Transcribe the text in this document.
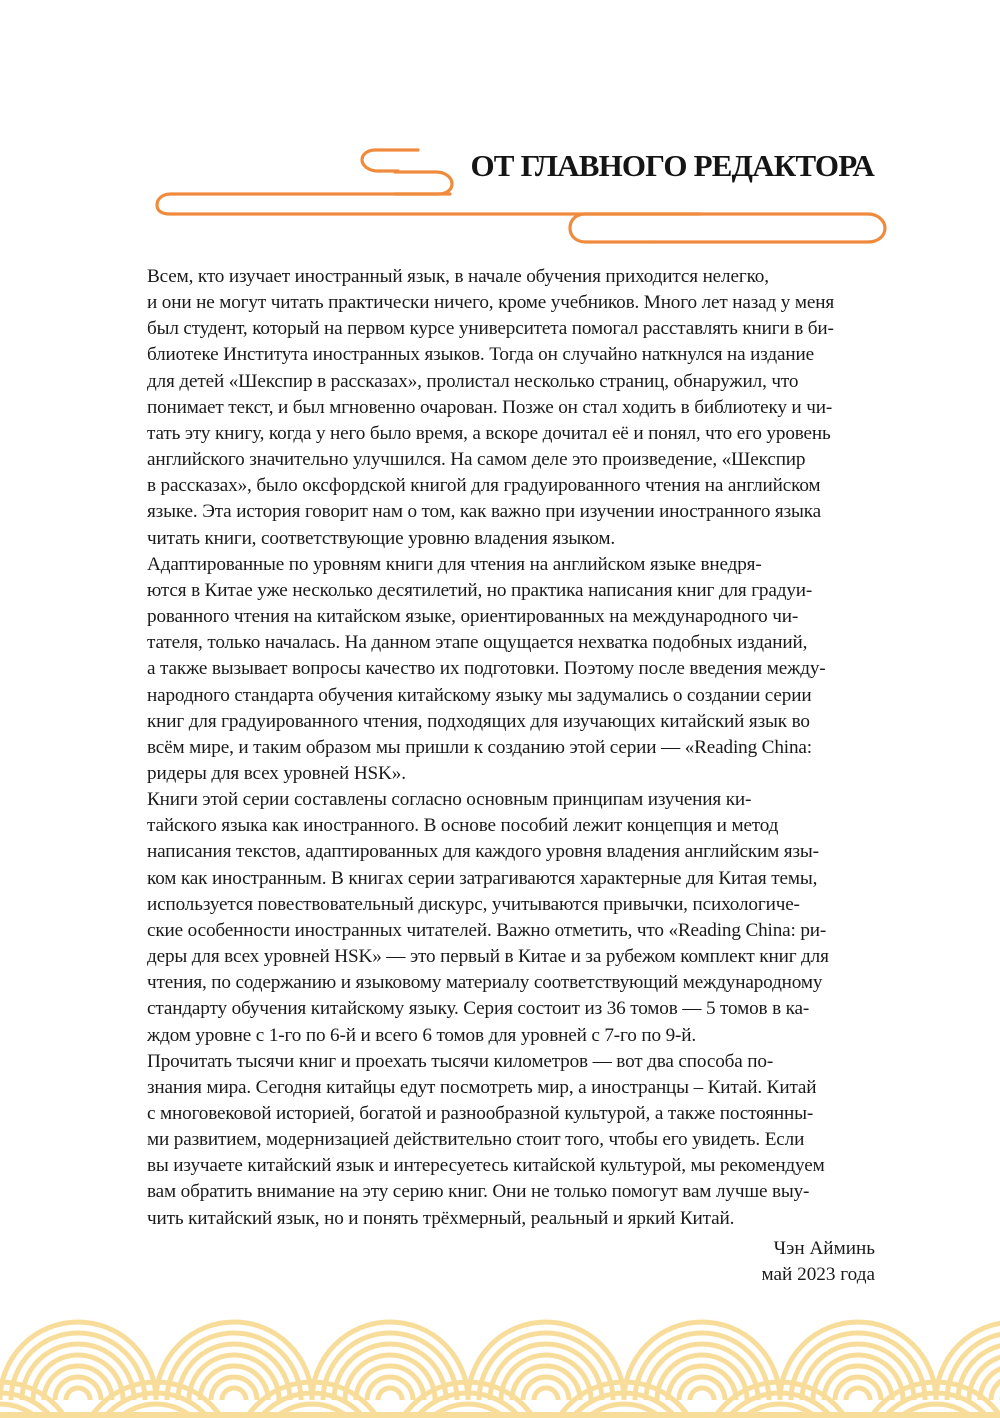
ОТ ГЛАВНОГО РЕДАКТОРА

Всем, кто изучает иностранный язык, в начале обучения приходится нелегко,
и они не могут читать практически ничего, кроме учебников. Много лет назад у меня
был студент, который на первом курсе университета помогал расставлять книги в би-
блиотеке Института иностранных языков. Тогда он случайно наткнулся на издание
для детей «Шекспир в рассказах», пролистал несколько страниц, обнаружил, что
понимает текст, и был мгновенно очарован. Позже он стал ходить в библиотеку и чи-
тать эту книгу, когда у него было время, а вскоре дочитал её и понял, что его уровень
английского значительно улучшился. На самом деле это произведение, «Шекспир
в рассказах», было оксфордской книгой для градуированного чтения на английском
языке. Эта история говорит нам о том, как важно при изучении иностранного языка
читать книги, соответствующие уровню владения языком.

Адаптированные по уровням книги для чтения на английском языке внедря-
ются в Китае уже несколько десятилетий, но практика написания книг для градуи-
рованного чтения на китайском языке, ориентированных на международного чи-
тателя, только началась. На данном этапе ощущается нехватка подобных изданий,
а также вызывает вопросы качество их подготовки. Поэтому после введения между-
народного стандарта обучения китайскому языку мы задумались о создании серии
книг для градуированного чтения, подходящих для изучающих китайский язык во
всём мире, и таким образом мы пришли к созданию этой серии — «Reading China:
ридеры для всех уровней HSK».

Книги этой серии составлены согласно основным принципам изучения ки-
тайского языка как иностранного. В основе пособий лежит концепция и метод
написания текстов, адаптированных для каждого уровня владения английским язы-
ком как иностранным. В книгах серии затрагиваются характерные для Китая темы,
используется повествовательный дискурс, учитываются привычки, психологиче-
ские особенности иностранных читателей. Важно отметить, что «Reading China: ри-
деры для всех уровней HSK» — это первый в Китае и за рубежом комплект книг для
чтения, по содержанию и языковому материалу соответствующий международному
стандарту обучения китайскому языку. Серия состоит из 36 томов — 5 томов в ка-
ждом уровне с 1-го по 6-й и всего 6 томов для уровней с 7-го по 9-й.

Прочитать тысячи книг и проехать тысячи километров — вот два способа по-
знания мира. Сегодня китайцы едут посмотреть мир, а иностранцы – Китай. Китай
с многовековой историей, богатой и разнообразной культурой, а также постоянны-
ми развитием, модернизацией действительно стоит того, чтобы его увидеть. Если
вы изучаете китайский язык и интересуетесь китайской культурой, мы рекомендуем
вам обратить внимание на эту серию книг. Они не только помогут вам лучше выу-
чить китайский язык, но и понять трёхмерный, реальный и яркий Китай.

Чэн Айминь
май 2023 года
